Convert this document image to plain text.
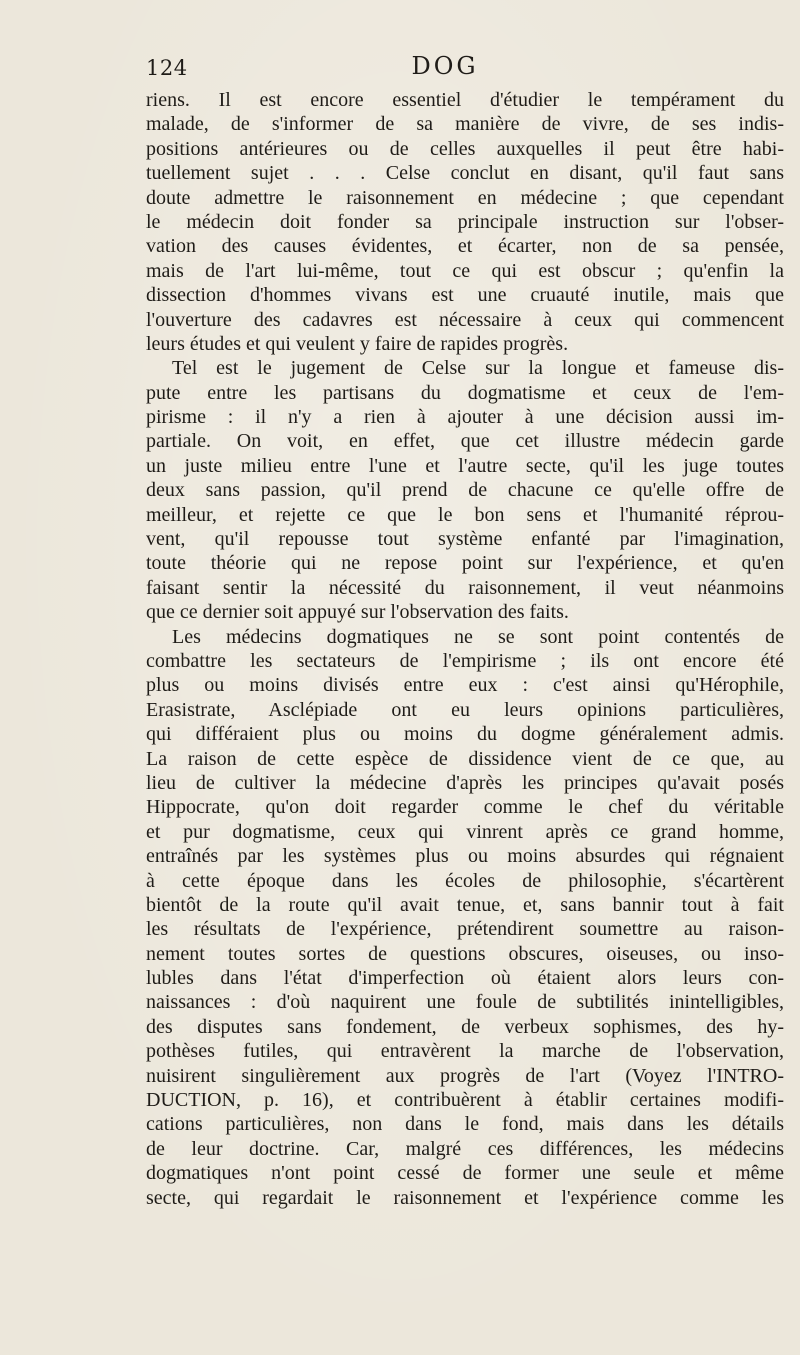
124	DOG
riens. Il est encore essentiel d'étudier le tempérament du
malade, de s'informer de sa manière de vivre, de ses indis-
positions antérieures ou de celles auxquelles il peut être habi-
tuellement sujet . . . Celse conclut en disant, qu'il faut sans
doute admettre le raisonnement en médecine ; que cependant
le médecin doit fonder sa principale instruction sur l'obser-
vation des causes évidentes, et écarter, non de sa pensée,
mais de l'art lui-même, tout ce qui est obscur ; qu'enfin la
dissection d'hommes vivans est une cruauté inutile, mais que
l'ouverture des cadavres est nécessaire à ceux qui commencent
leurs études et qui veulent y faire de rapides progrès.
Tel est le jugement de Celse sur la longue et fameuse dis-
pute entre les partisans du dogmatisme et ceux de l'em-
pirisme : il n'y a rien à ajouter à une décision aussi im-
partiale. On voit, en effet, que cet illustre médecin garde
un juste milieu entre l'une et l'autre secte, qu'il les juge toutes
deux sans passion, qu'il prend de chacune ce qu'elle offre de
meilleur, et rejette ce que le bon sens et l'humanité réprou-
vent, qu'il repousse tout système enfanté par l'imagination,
toute théorie qui ne repose point sur l'expérience, et qu'en
faisant sentir la nécessité du raisonnement, il veut néanmoins
que ce dernier soit appuyé sur l'observation des faits.
Les médecins dogmatiques ne se sont point contentés de
combattre les sectateurs de l'empirisme ; ils ont encore été
plus ou moins divisés entre eux : c'est ainsi qu'Hérophile,
Erasistrate, Asclépiade ont eu leurs opinions particulières,
qui différaient plus ou moins du dogme généralement admis.
La raison de cette espèce de dissidence vient de ce que, au
lieu de cultiver la médecine d'après les principes qu'avait posés
Hippocrate, qu'on doit regarder comme le chef du véritable
et pur dogmatisme, ceux qui vinrent après ce grand homme,
entraînés par les systèmes plus ou moins absurdes qui régnaient
à cette époque dans les écoles de philosophie, s'écartèrent
bientôt de la route qu'il avait tenue, et, sans bannir tout à fait
les résultats de l'expérience, prétendirent soumettre au raison-
nement toutes sortes de questions obscures, oiseuses, ou inso-
lubles dans l'état d'imperfection où étaient alors leurs con-
naissances : d'où naquirent une foule de subtilités inintelligibles,
des disputes sans fondement, de verbeux sophismes, des hy-
pothèses futiles, qui entravèrent la marche de l'observation,
nuisirent singulièrement aux progrès de l'art (Voyez l'INTRO-
DUCTION, p. 16), et contribuèrent à établir certaines modifi-
cations particulières, non dans le fond, mais dans les détails
de leur doctrine. Car, malgré ces différences, les médecins
dogmatiques n'ont point cessé de former une seule et même
secte, qui regardait le raisonnement et l'expérience comme les
